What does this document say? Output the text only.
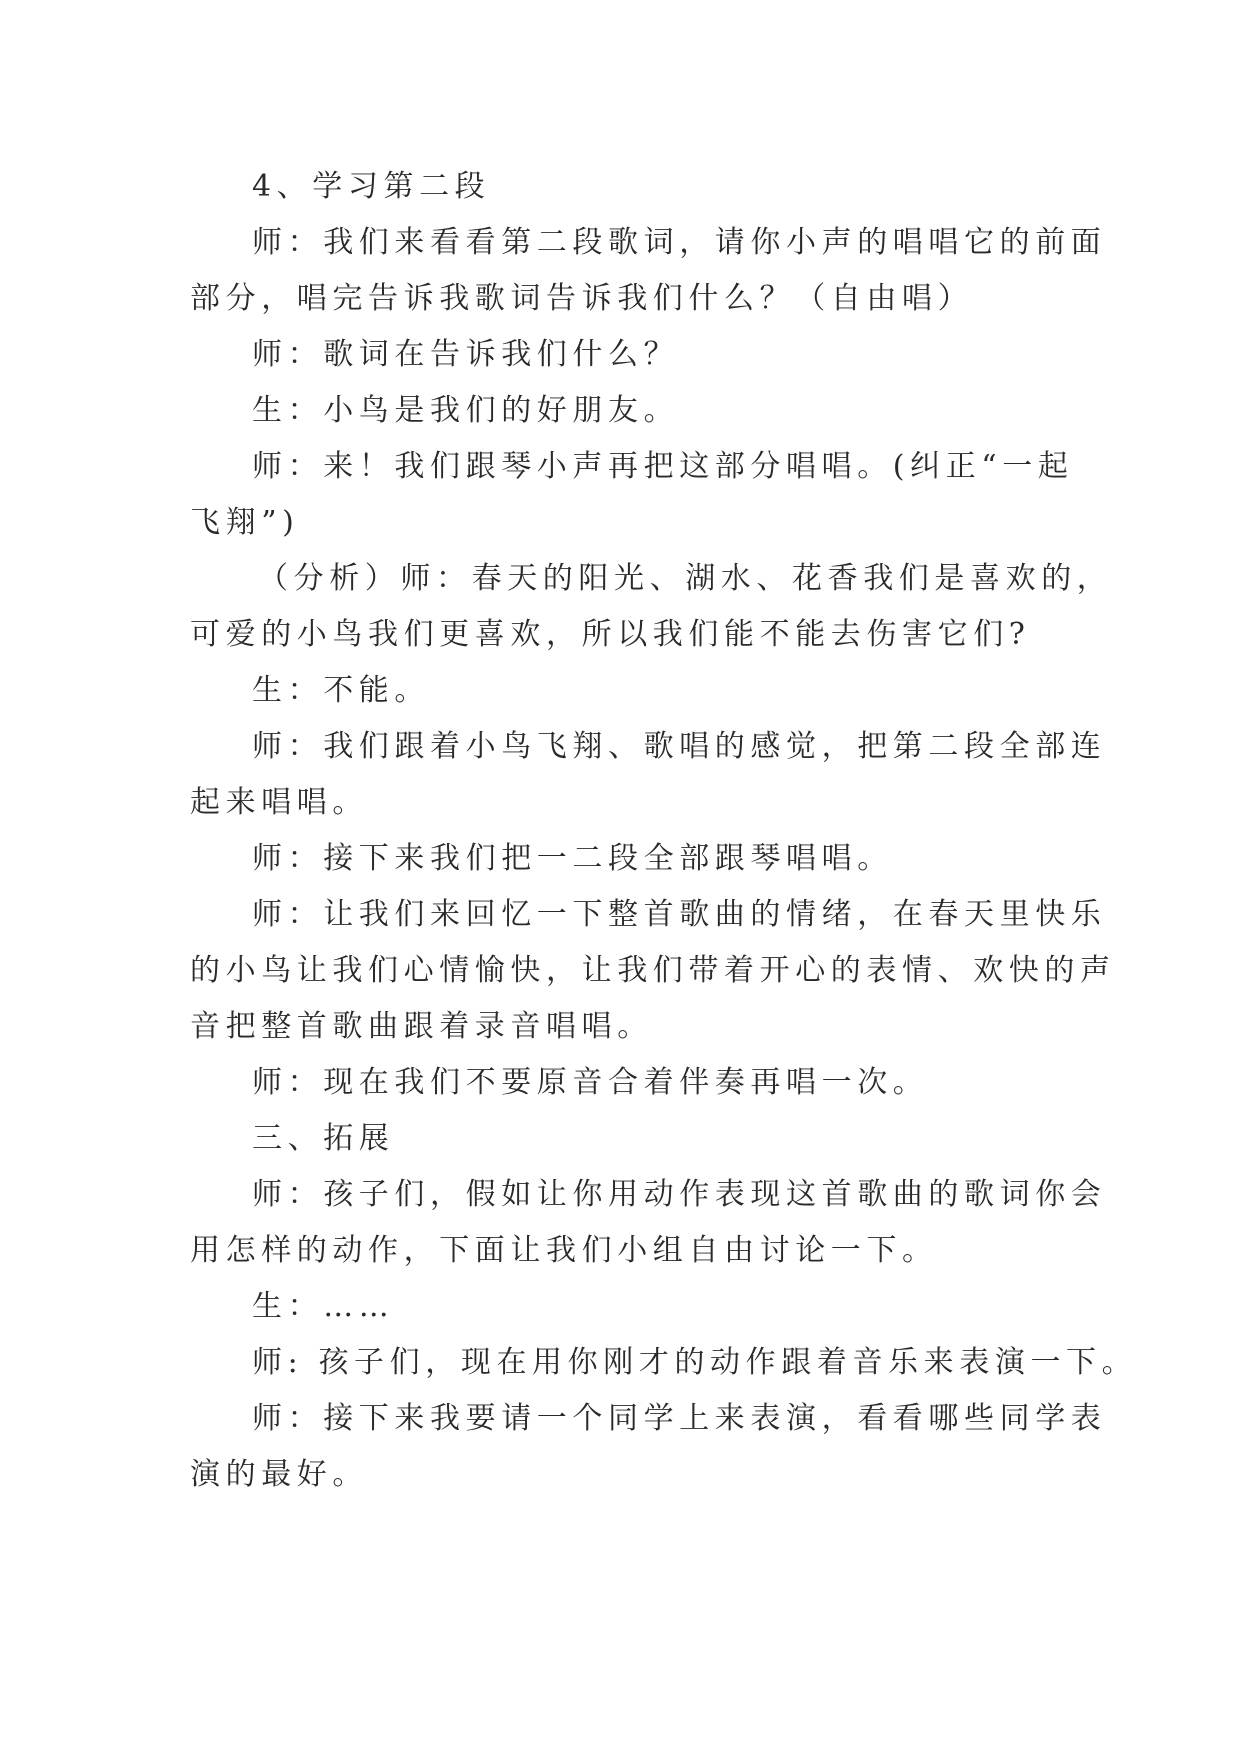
4、学习第二段
师：我们来看看第二段歌词，请你小声的唱唱它的前面
部分，唱完告诉我歌词告诉我们什么？（自由唱）
师：歌词在告诉我们什么？
生：小鸟是我们的好朋友。
师：来！我们跟琴小声再把这部分唱唱。(纠正“一起
飞翔”)
（分析）师：春天的阳光、湖水、花香我们是喜欢的，
可爱的小鸟我们更喜欢，所以我们能不能去伤害它们?
生：不能。
师：我们跟着小鸟飞翔、歌唱的感觉，把第二段全部连
起来唱唱。
师：接下来我们把一二段全部跟琴唱唱。
师：让我们来回忆一下整首歌曲的情绪，在春天里快乐
的小鸟让我们心情愉快，让我们带着开心的表情、欢快的声
音把整首歌曲跟着录音唱唱。
师：现在我们不要原音合着伴奏再唱一次。
三、拓展
师：孩子们，假如让你用动作表现这首歌曲的歌词你会
用怎样的动作，下面让我们小组自由讨论一下。
生：……
师: 孩子们，现在用你刚才的动作跟着音乐来表演一下。
师：接下来我要请一个同学上来表演，看看哪些同学表
演的最好。
